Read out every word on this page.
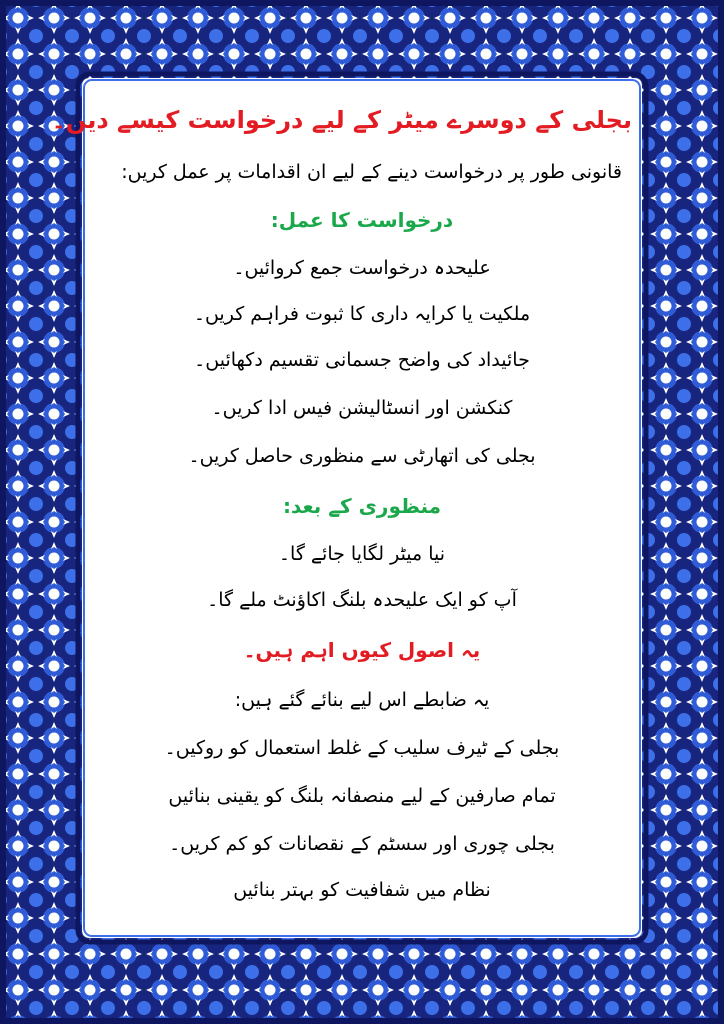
بجلی کے دوسرے میٹر کے لیے درخواست کیسے دیں۔
قانونی طور پر درخواست دینے کے لیے ان اقدامات پر عمل کریں:
درخواست کا عمل:
علیحدہ درخواست جمع کروائیں۔
ملکیت یا کرایہ داری کا ثبوت فراہم کریں۔
جائیداد کی واضح جسمانی تقسیم دکھائیں۔
کنکشن اور انسٹالیشن فیس ادا کریں۔
بجلی کی اتھارٹی سے منظوری حاصل کریں۔
منظوری کے بعد:
نیا میٹر لگایا جائے گا۔
آپ کو ایک علیحدہ بلنگ اکاؤنٹ ملے گا۔
یہ اصول کیوں اہم ہیں۔
یہ ضابطے اس لیے بنائے گئے ہیں:
بجلی کے ٹیرف سلیب کے غلط استعمال کو روکیں۔
تمام صارفین کے لیے منصفانہ بلنگ کو یقینی بنائیں
بجلی چوری اور سسٹم کے نقصانات کو کم کریں۔
نظام میں شفافیت کو بہتر بنائیں
